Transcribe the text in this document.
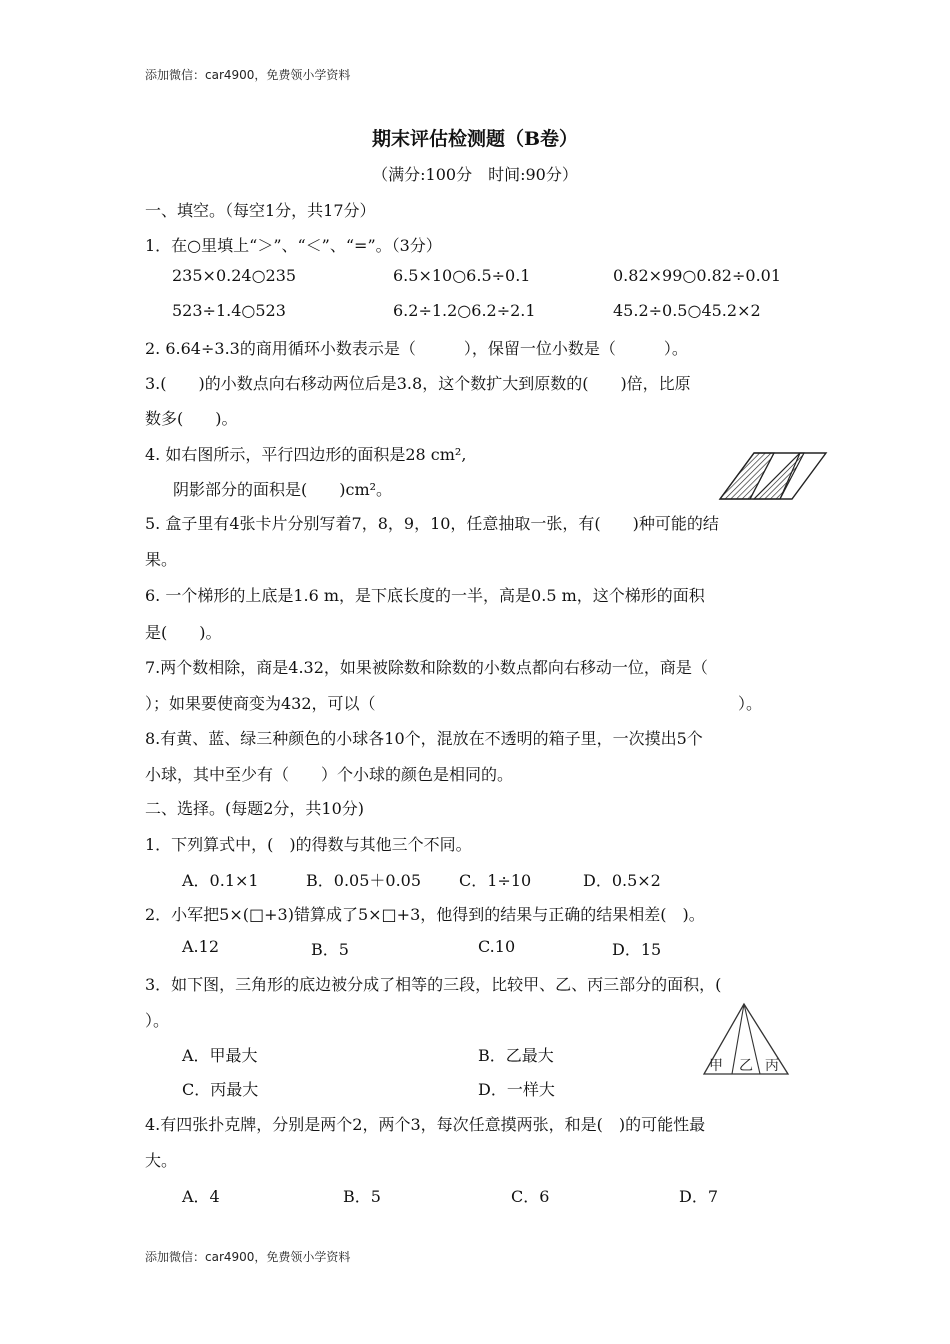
添加微信：car4900，免费领小学资料
期末评估检测题（B卷）
（满分:100分　时间:90分）
一、填空。（每空1分，共17分）
1．在○里填上“＞”、“＜”、“=”。（3分）
235×0.24○235	6.5×10○6.5÷0.1	0.82×99○0.82÷0.01
523÷1.4○523	6.2÷1.2○6.2÷2.1	45.2÷0.5○45.2×2
2. 6.64÷3.3的商用循环小数表示是（　　　），保留一位小数是（　　　）。
3.(　　)的小数点向右移动两位后是3.8，这个数扩大到原数的(　　)倍，比原
数多(　　)。
4. 如右图所示，平行四边形的面积是28 cm²,
阴影部分的面积是(　　)cm²。
5. 盒子里有4张卡片分别写着7，8，9，10，任意抽取一张，有(　　)种可能的结
果。
6. 一个梯形的上底是1.6 m，是下底长度的一半，高是0.5 m，这个梯形的面积
是(　　)。
7.两个数相除，商是4.32，如果被除数和除数的小数点都向右移动一位，商是（
）；如果要使商变为432，可以（	）。
8.有黄、蓝、绿三种颜色的小球各10个，混放在不透明的箱子里，一次摸出5个
小球，其中至少有（　　）个小球的颜色是相同的。
二、选择。(每题2分，共10分)
1．下列算式中，(　)的得数与其他三个不同。
A．0.1×1	B．0.05＋0.05 C．1÷10	D．0.5×2
2．小军把5×(□+3)错算成了5×□+3，他得到的结果与正确的结果相差(　)。
A.12	B．5	C.10	D．15
3．如下图，三角形的底边被分成了相等的三段，比较甲、乙、丙三部分的面积，(
）。
A．甲最大	B．乙最大
C．丙最大	D．一样大
甲 乙 丙
4.有四张扑克牌，分别是两个2，两个3，每次任意摸两张，和是(　)的可能性最
大。
A．4	B．5	C．6	D．7
添加微信：car4900，免费领小学资料
